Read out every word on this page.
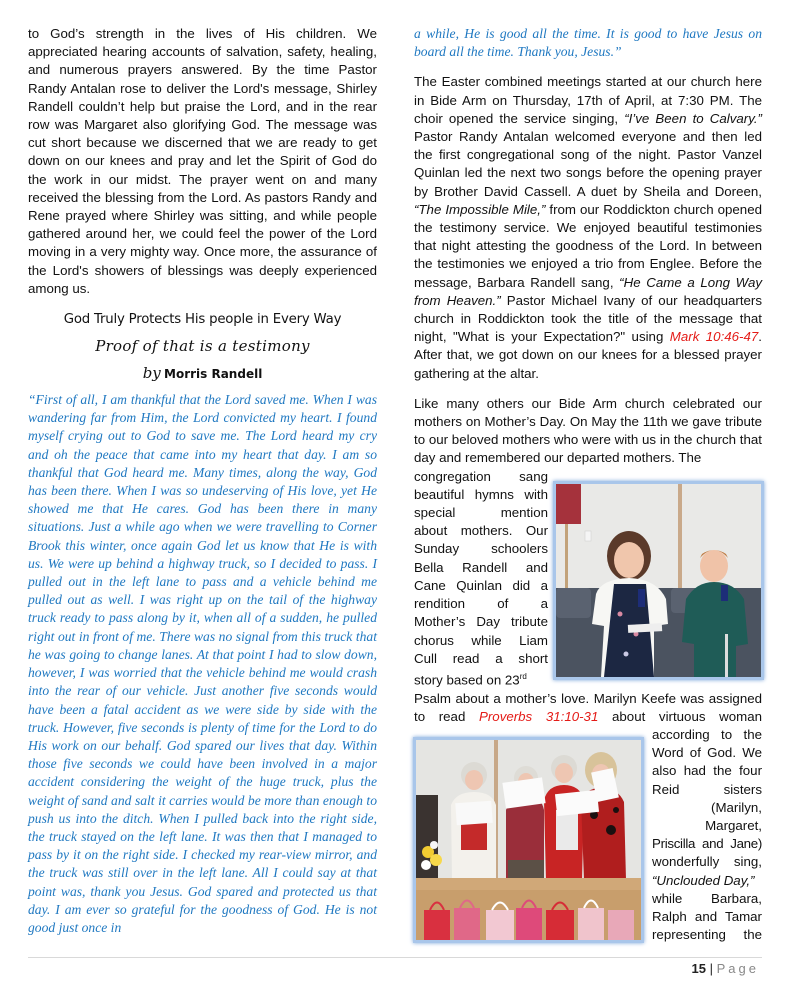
to God’s strength in the lives of His children. We appreciated hearing accounts of salvation, safety, healing, and numerous prayers answered. By the time Pastor Randy Antalan rose to deliver the Lord's message, Shirley Randell couldn’t help but praise the Lord, and in the rear row was Margaret also glorifying God. The message was cut short because we discerned that we are ready to get down on our knees and pray and let the Spirit of God do the work in our midst. The prayer went on and many received the blessing from the Lord. As pastors Randy and Rene prayed where Shirley was sitting, and while people gathered around her, we could feel the power of the Lord moving in a very mighty way. Once more, the assurance of the Lord's showers of blessings was deeply experienced among us.

God Truly Protects His people in Every Way
Proof of that is a testimony
by Morris Randell

“First of all, I am thankful that the Lord saved me. When I was wandering far from Him, the Lord convicted my heart. I found myself crying out to God to save me. The Lord heard my cry and oh the peace that came into my heart that day. I am so thankful that God heard me. Many times, along the way, God has been there. When I was so undeserving of His love, yet He showed me that He cares. God has been there in many situations. Just a while ago when we were travelling to Corner Brook this winter, once again God let us know that He is with us. We were up behind a highway truck, so I decided to pass. I pulled out in the left lane to pass and a vehicle behind me pulled out as well. I was right up on the tail of the highway truck ready to pass along by it, when all of a sudden, he pulled right out in front of me. There was no signal from this truck that he was going to change lanes. At that point I had to slow down, however, I was worried that the vehicle behind me would crash into the rear of our vehicle. Just another five seconds would have been a fatal accident as we were side by side with the truck. However, five seconds is plenty of time for the Lord to do His work on our behalf. God spared our lives that day. Within those five seconds we could have been involved in a major accident considering the weight of the huge truck, plus the weight of sand and salt it carries would be more than enough to push us into the ditch. When I pulled back into the right side, the truck stayed on the left lane. It was then that I managed to pass by it on the right side. I checked my rear-view mirror, and the truck was still over in the left lane. All I could say at that point was, thank you Jesus. God spared and protected us that day. I am ever so grateful for the goodness of God. He is not good just once in

a while, He is good all the time. It is good to have Jesus on board all the time. Thank you, Jesus.”

The Easter combined meetings started at our church here in Bide Arm on Thursday, 17th of April, at 7:30 PM. The choir opened the service singing, “I’ve Been to Calvary.” Pastor Randy Antalan welcomed everyone and then led the first congregational song of the night. Pastor Vanzel Quinlan led the next two songs before the opening prayer by Brother David Cassell. A duet by Sheila and Doreen, “The Impossible Mile,” from our Roddickton church opened the testimony service. We enjoyed beautiful testimonies that night attesting the goodness of the Lord. In between the testimonies we enjoyed a trio from Englee. Before the message, Barbara Randell sang, “He Came a Long Way from Heaven.” Pastor Michael Ivany of our headquarters church in Roddickton took the title of the message that night, "What is your Expectation?" using Mark 10:46-47. After that, we got down on our knees for a blessed prayer gathering at the altar.

Like many others our Bide Arm church celebrated our mothers on Mother’s Day. On May the 11th we gave tribute to our beloved mothers who were with us in the church that day and remembered our departed mothers. The

congregation sang

beautiful hymns with

special mention

about mothers. Our

Sunday schoolers

Bella Randell and

Cane Quinlan did a

rendition of a

Mother’s Day tribute

chorus while Liam

Cull read a short

story based on 23rd

Psalm about a mother’s love. Marilyn Keefe was assigned

to read Proverbs 31:10-31 about virtuous woman

according to the

Word of God. We

also had the four

Reid sisters

(Marilyn,

Margaret,

Priscilla and Jane)

wonderfully sing,

“Unclouded Day,”

while Barbara,

Ralph and Tamar

representing the

15 | Page
